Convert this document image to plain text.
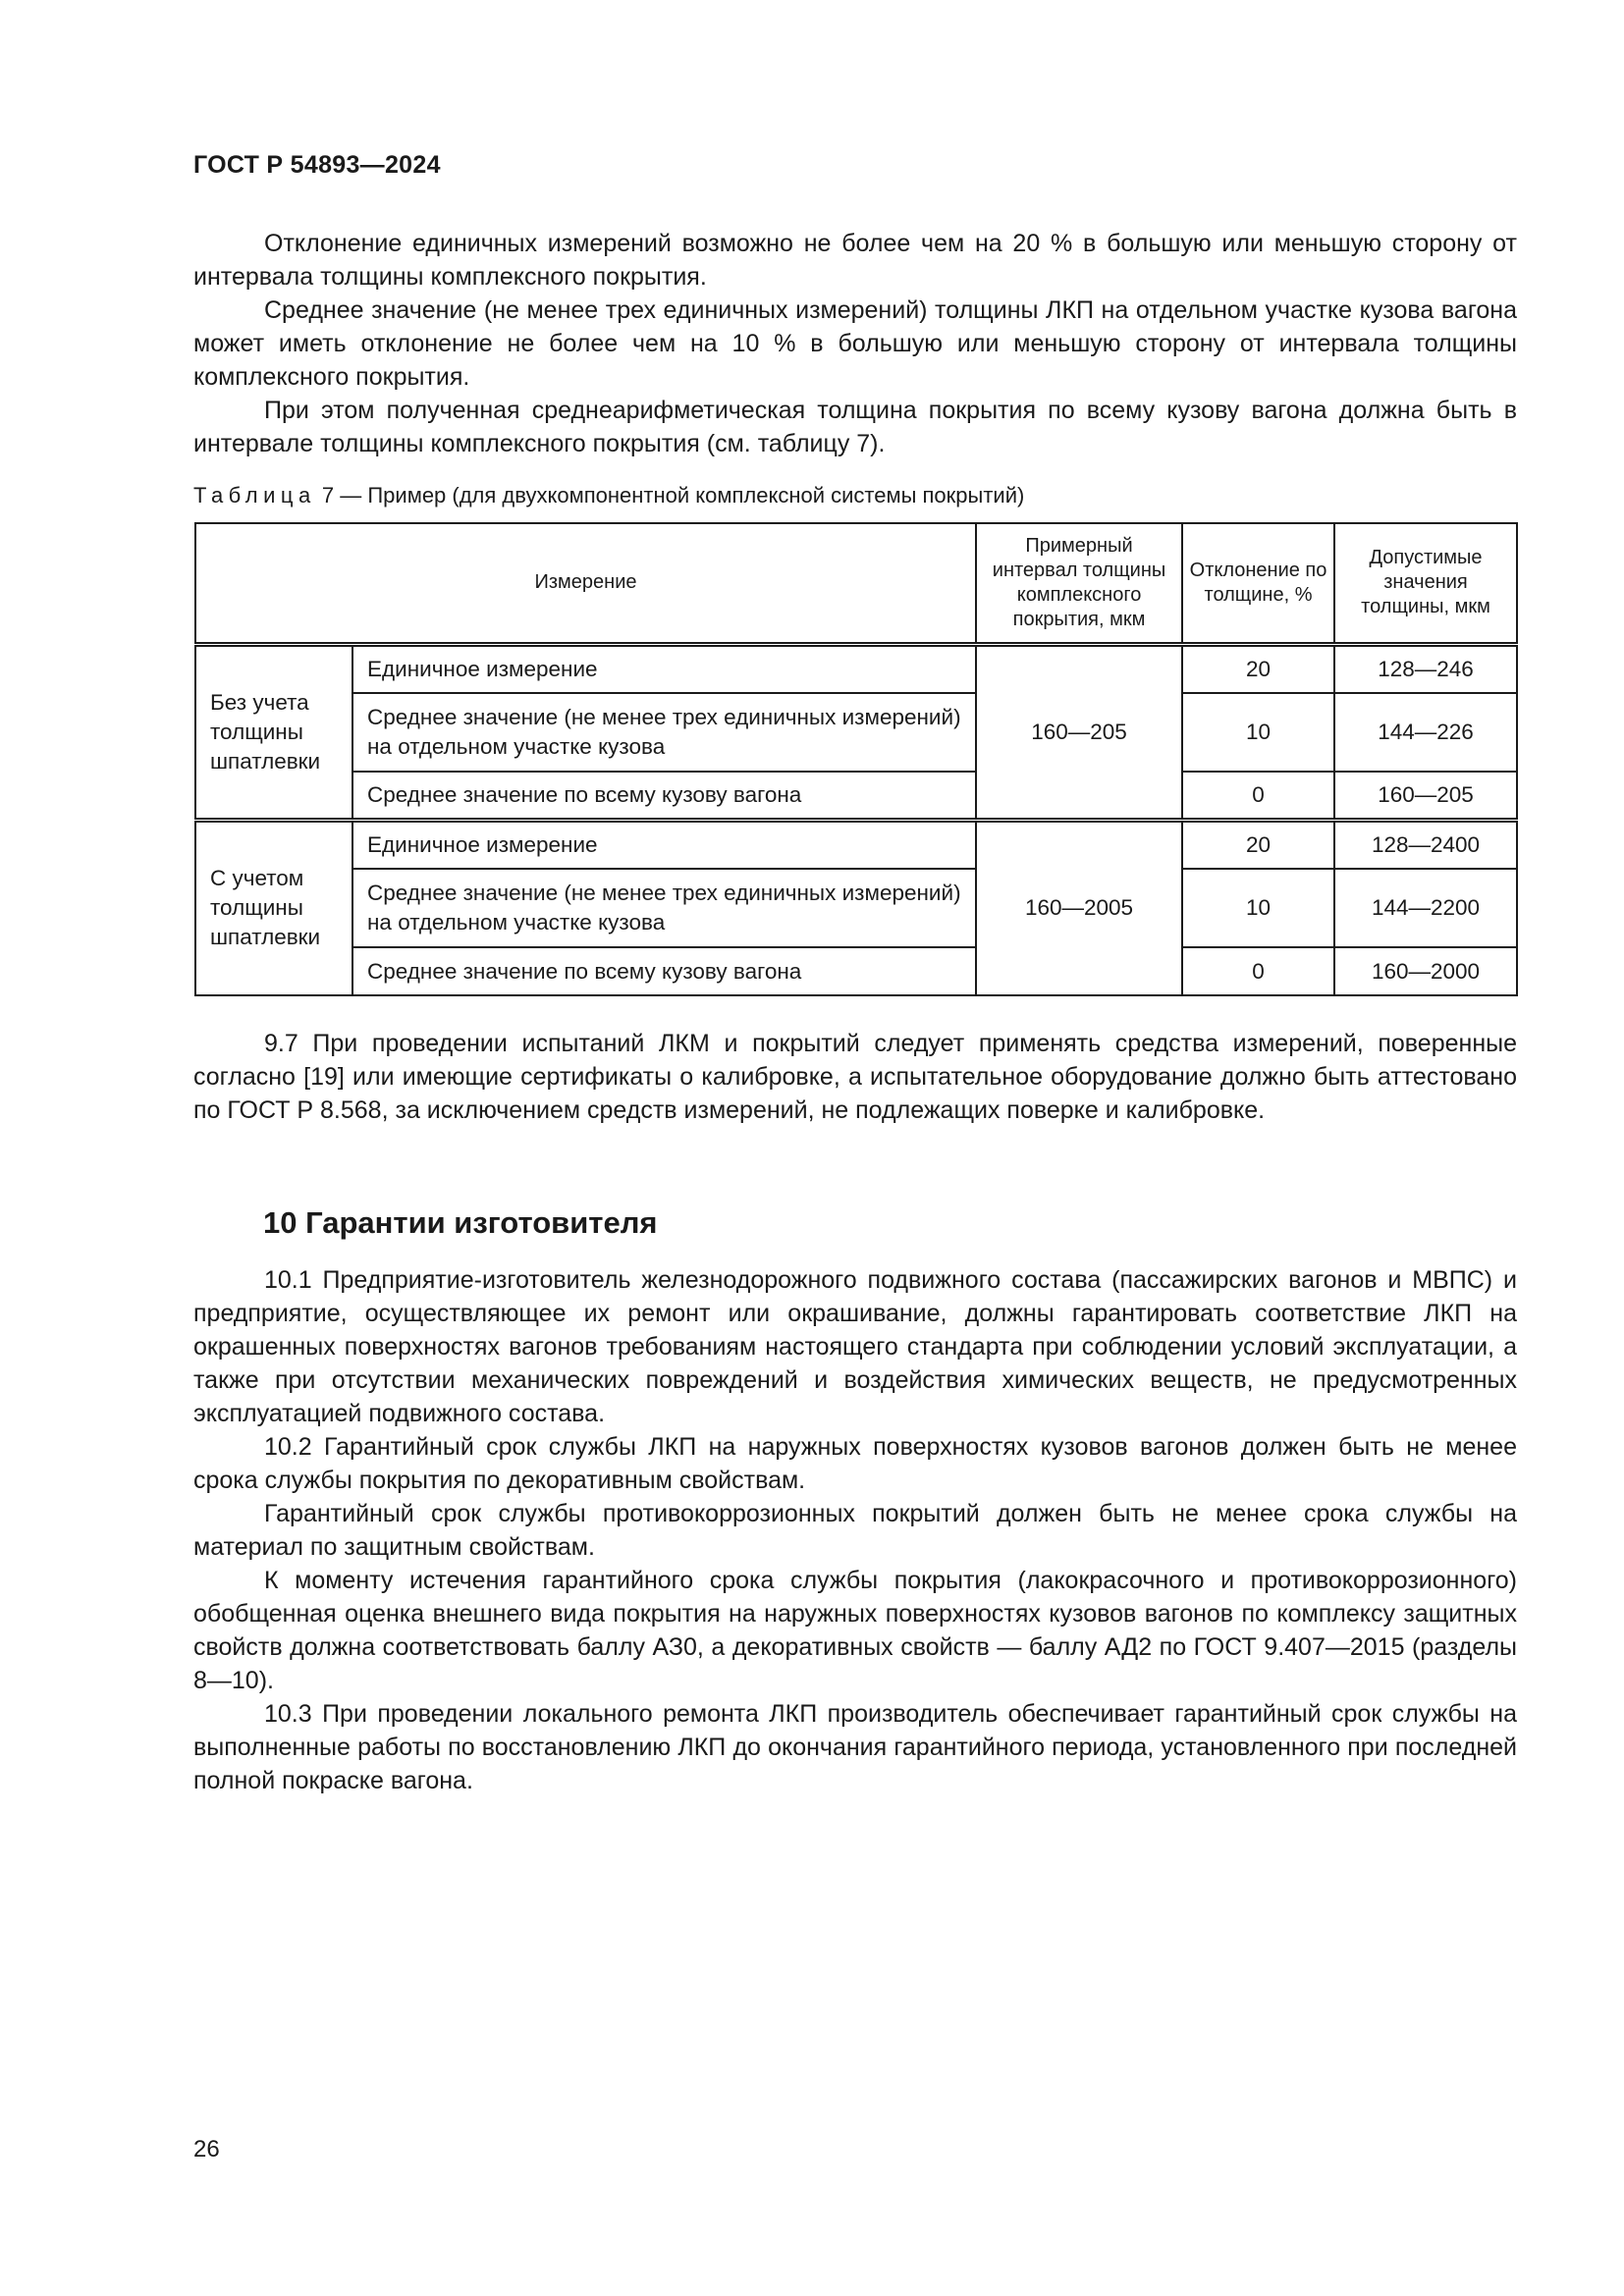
ГОСТ Р 54893—2024

Отклонение единичных измерений возможно не более чем на 20 % в большую или меньшую сторону от интервала толщины комплексного покрытия.

Среднее значение (не менее трех единичных измерений) толщины ЛКП на отдельном участке кузова вагона может иметь отклонение не более чем на 10 % в большую или меньшую сторону от интервала толщины комплексного покрытия.

При этом полученная среднеарифметическая толщина покрытия по всему кузову вагона должна быть в интервале толщины комплексного покрытия (см. таблицу 7).

Таблица 7 — Пример (для двухкомпонентной комплексной системы покрытий)
Измерение		Примерный интервал толщины комплексного покрытия, мкм	Отклонение по толщине, %	Допустимые значения толщины, мкм
Без учета толщины шпатлевки	Единичное измерение	160—205	20	128—246
	Среднее значение (не менее трех единичных измерений) на отдельном участке кузова		10	144—226
	Среднее значение по всему кузову вагона		0	160—205
С учетом толщины шпатлевки	Единичное измерение	160—2005	20	128—2400
	Среднее значение (не менее трех единичных измерений) на отдельном участке кузова		10	144—2200
	Среднее значение по всему кузову вагона		0	160—2000

9.7 При проведении испытаний ЛКМ и покрытий следует применять средства измерений, поверенные согласно [19] или имеющие сертификаты о калибровке, а испытательное оборудование должно быть аттестовано по ГОСТ Р 8.568, за исключением средств измерений, не подлежащих поверке и калибровке.

10 Гарантии изготовителя

10.1 Предприятие-изготовитель железнодорожного подвижного состава (пассажирских вагонов и МВПС) и предприятие, осуществляющее их ремонт или окрашивание, должны гарантировать соответствие ЛКП на окрашенных поверхностях вагонов требованиям настоящего стандарта при соблюдении условий эксплуатации, а также при отсутствии механических повреждений и воздействия химических веществ, не предусмотренных эксплуатацией подвижного состава.

10.2 Гарантийный срок службы ЛКП на наружных поверхностях кузовов вагонов должен быть не менее срока службы покрытия по декоративным свойствам.

Гарантийный срок службы противокоррозионных покрытий должен быть не менее срока службы на материал по защитным свойствам.

К моменту истечения гарантийного срока службы покрытия (лакокрасочного и противокоррозионного) обобщенная оценка внешнего вида покрытия на наружных поверхностях кузовов вагонов по комплексу защитных свойств должна соответствовать баллу АЗ0, а декоративных свойств — баллу АД2 по ГОСТ 9.407—2015 (разделы 8—10).

10.3 При проведении локального ремонта ЛКП производитель обеспечивает гарантийный срок службы на выполненные работы по восстановлению ЛКП до окончания гарантийного периода, установленного при последней полной покраске вагона.

26
